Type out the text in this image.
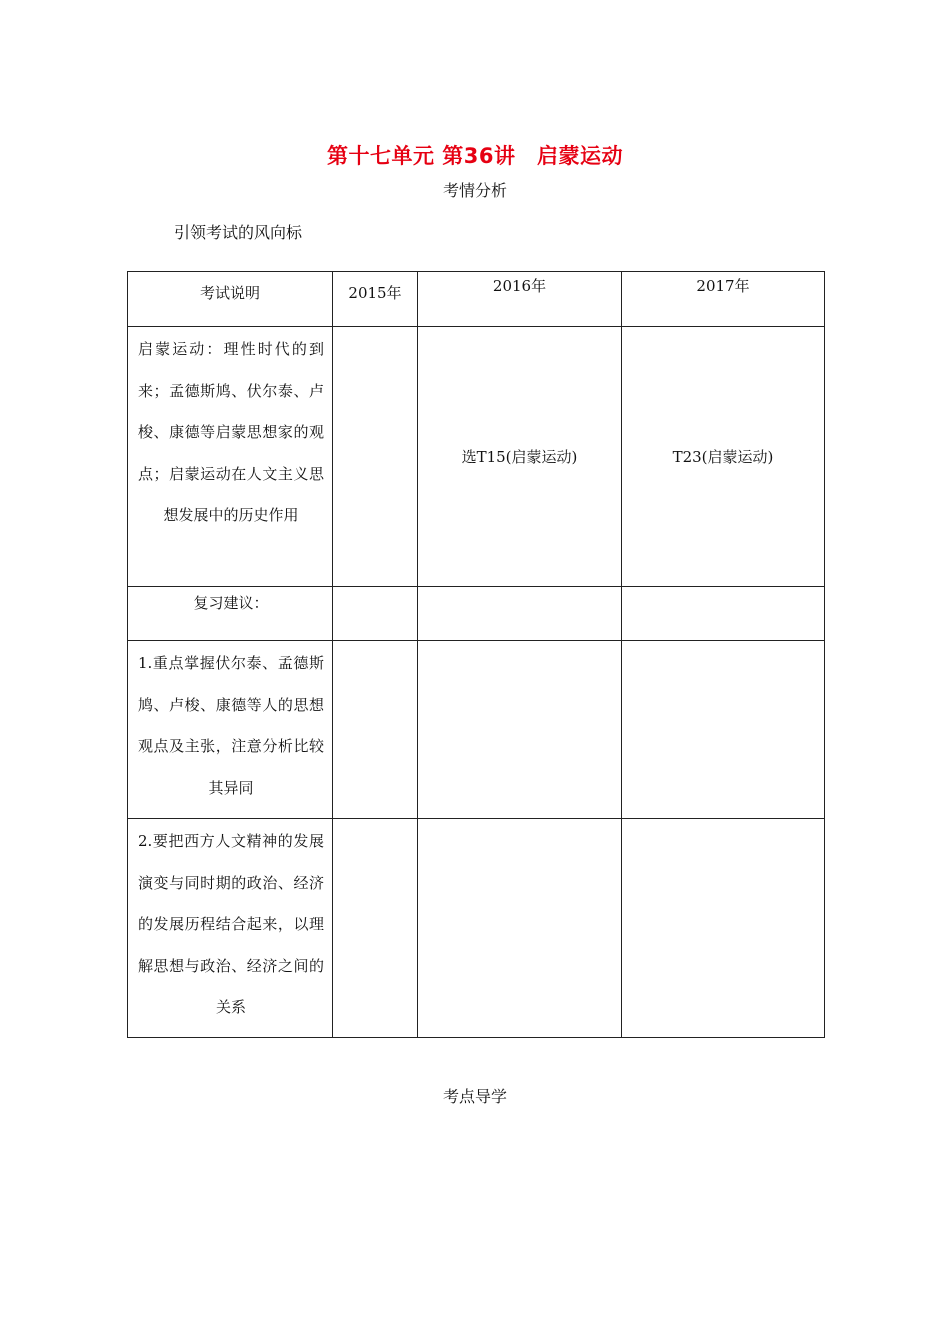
第十七单元 第36讲　启蒙运动
考情分析
引领考试的风向标
考试说明	2015年	2016年	2017年

启蒙运动：理性时代的到来；孟德斯鸠、伏尔泰、卢梭、康德等启蒙思想家的观点；启蒙运动在人文主义思想发展中的历史作用		选T15(启蒙运动)	T23(启蒙运动)

复习建议：			

1.重点掌握伏尔泰、孟德斯鸠、卢梭、康德等人的思想观点及主张，注意分析比较其异同			

2.要把西方人文精神的发展演变与同时期的政治、经济的发展历程结合起来，以理解思想与政治、经济之间的关系			

考点导学
